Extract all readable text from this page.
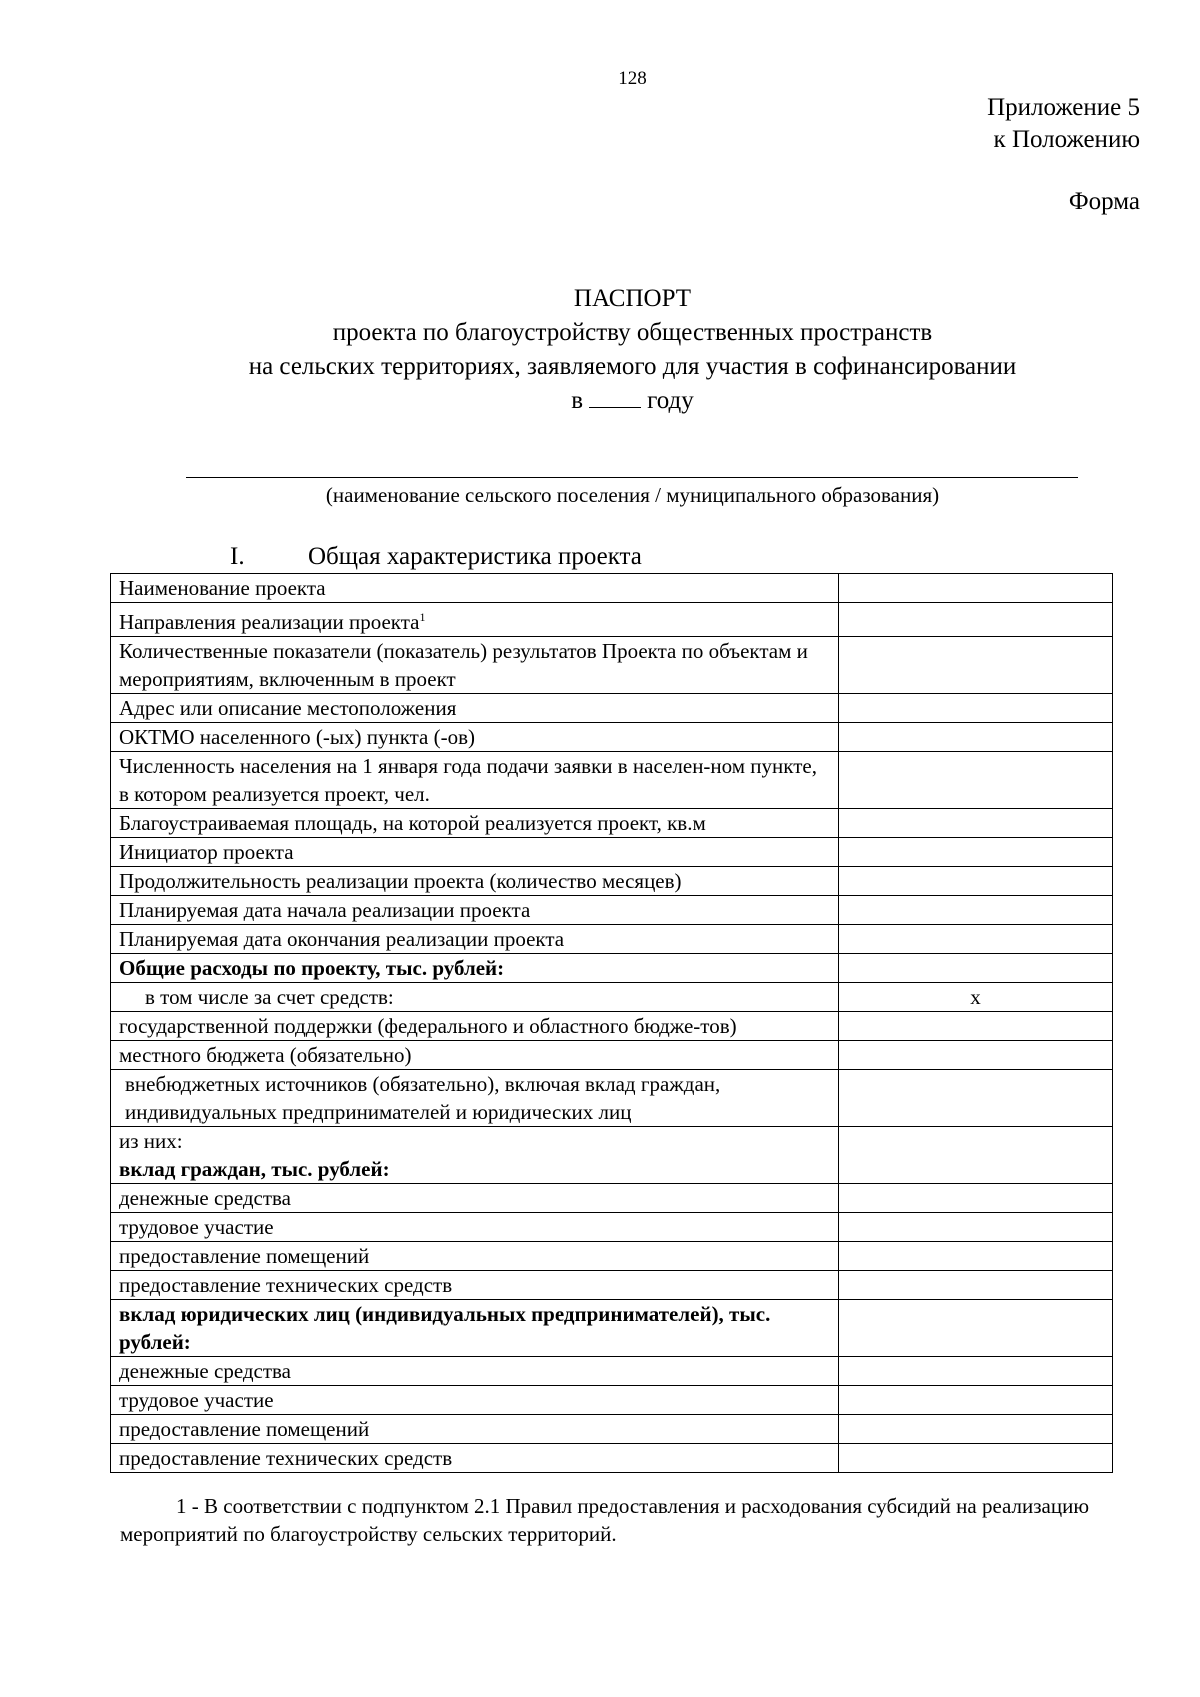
128
Приложение 5
к Положению
Форма
ПАСПОРТ
проекта по благоустройству общественных пространств
на сельских территориях, заявляемого для участия в софинансировании
в	году
(наименование сельского поселения / муниципального образования)
I.	Общая характеристика проекта
Наименование проекта	
Направления реализации проекта$^1$	
Количественные показатели (показатель) результатов Проекта по объектам и мероприятиям, включенным в проект	
Адрес или описание местоположения	
ОКТМО населенного (-ых) пункта (-ов)	
Численность населения на 1 января года подачи заявки в населен-ном пункте, в котором реализуется проект, чел.	
Благоустраиваемая площадь, на которой реализуется проект, кв.м	
Инициатор проекта	
Продолжительность реализации проекта (количество месяцев)	
Планируемая дата начала реализации проекта	
Планируемая дата окончания реализации проекта	
Общие расходы по проекту, тыс. рублей:	
в том числе за счет средств:	x
государственной поддержки (федерального и областного бюдже-тов)	
местного бюджета (обязательно)	
внебюджетных источников (обязательно), включая вклад граждан, индивидуальных предпринимателей и юридических лиц	
из них:
вклад граждан, тыс. рублей:	
денежные средства	
трудовое участие	
предоставление помещений	
предоставление технических средств	
вклад юридических лиц (индивидуальных предпринимателей), тыс. рублей:	
денежные средства	
трудовое участие	
предоставление помещений	
предоставление технических средств	
1 - В соответствии с подпунктом 2.1 Правил предоставления и расходования субсидий на реализацию мероприятий по благоустройству сельских территорий.
